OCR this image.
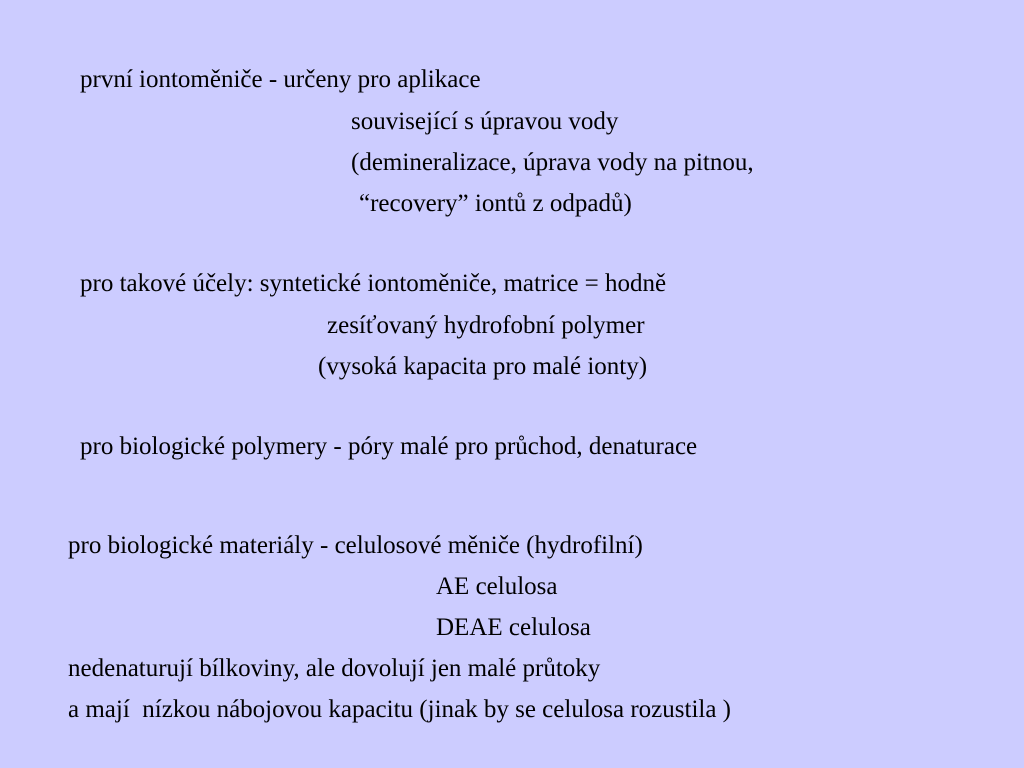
první iontoměniče - určeny pro aplikace

související s úpravou vody

(demineralizace, úprava vody na pitnou,

“recovery” iontů z odpadů)

pro takové účely: syntetické iontoměniče, matrice = hodně

zesíťovaný hydrofobní polymer

(vysoká kapacita pro malé ionty)

pro biologické polymery - póry malé pro průchod, denaturace

pro biologické materiály - celulosové měniče (hydrofilní)

AE celulosa

DEAE celulosa

nedenaturují bílkoviny, ale dovolují jen malé průtoky

a mají  nízkou nábojovou kapacitu (jinak by se celulosa rozustila )
